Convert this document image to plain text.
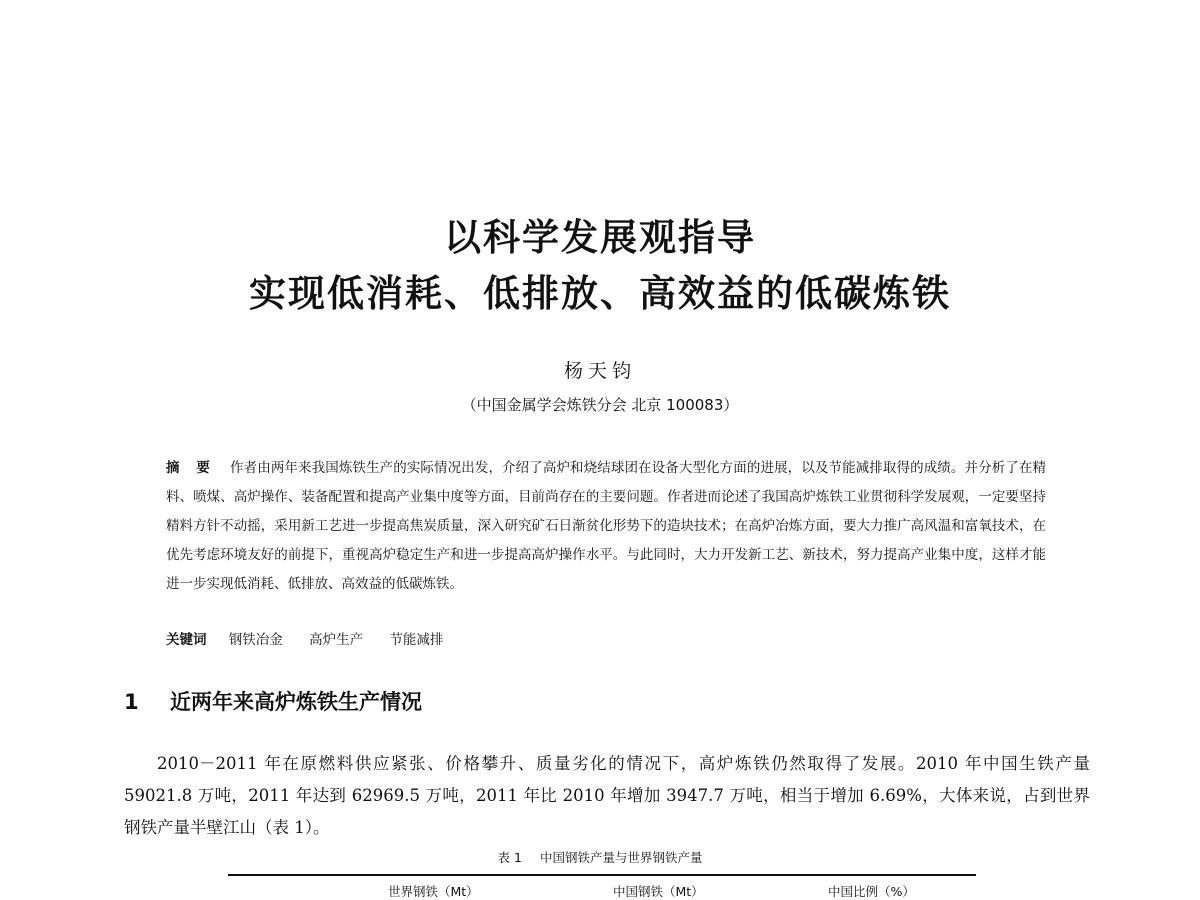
以科学发展观指导
实现低消耗、低排放、高效益的低碳炼铁
杨天钧
（中国金属学会炼铁分会 北京 100083）
摘 要 作者由两年来我国炼铁生产的实际情况出发，介绍了高炉和烧结球团在设备大型化方面的进展，以及节能减排取得的成绩。并分析了在精料、喷煤、高炉操作、装备配置和提高产业集中度等方面，目前尚存在的主要问题。作者进而论述了我国高炉炼铁工业贯彻科学发展观，一定要坚持精料方针不动摇，采用新工艺进一步提高焦炭质量，深入研究矿石日渐贫化形势下的造块技术；在高炉冶炼方面，要大力推广高风温和富氧技术，在优先考虑环境友好的前提下，重视高炉稳定生产和进一步提高高炉操作水平。与此同时，大力开发新工艺、新技术，努力提高产业集中度，这样才能进一步实现低消耗、低排放、高效益的低碳炼铁。
关键词 钢铁冶金 高炉生产 节能减排
1 近两年来高炉炼铁生产情况
2010－2011 年在原燃料供应紧张、价格攀升、质量劣化的情况下，高炉炼铁仍然取得了发展。2010 年中国生铁产量 59021.8 万吨，2011 年达到 62969.5 万吨，2011 年比 2010 年增加 3947.7 万吨，相当于增加 6.69%，大体来说，占到世界钢铁产量半壁江山（表 1）。
表 1 中国钢铁产量与世界钢铁产量
世界钢铁（Mt）	中国钢铁（Mt）	中国比例（%）
